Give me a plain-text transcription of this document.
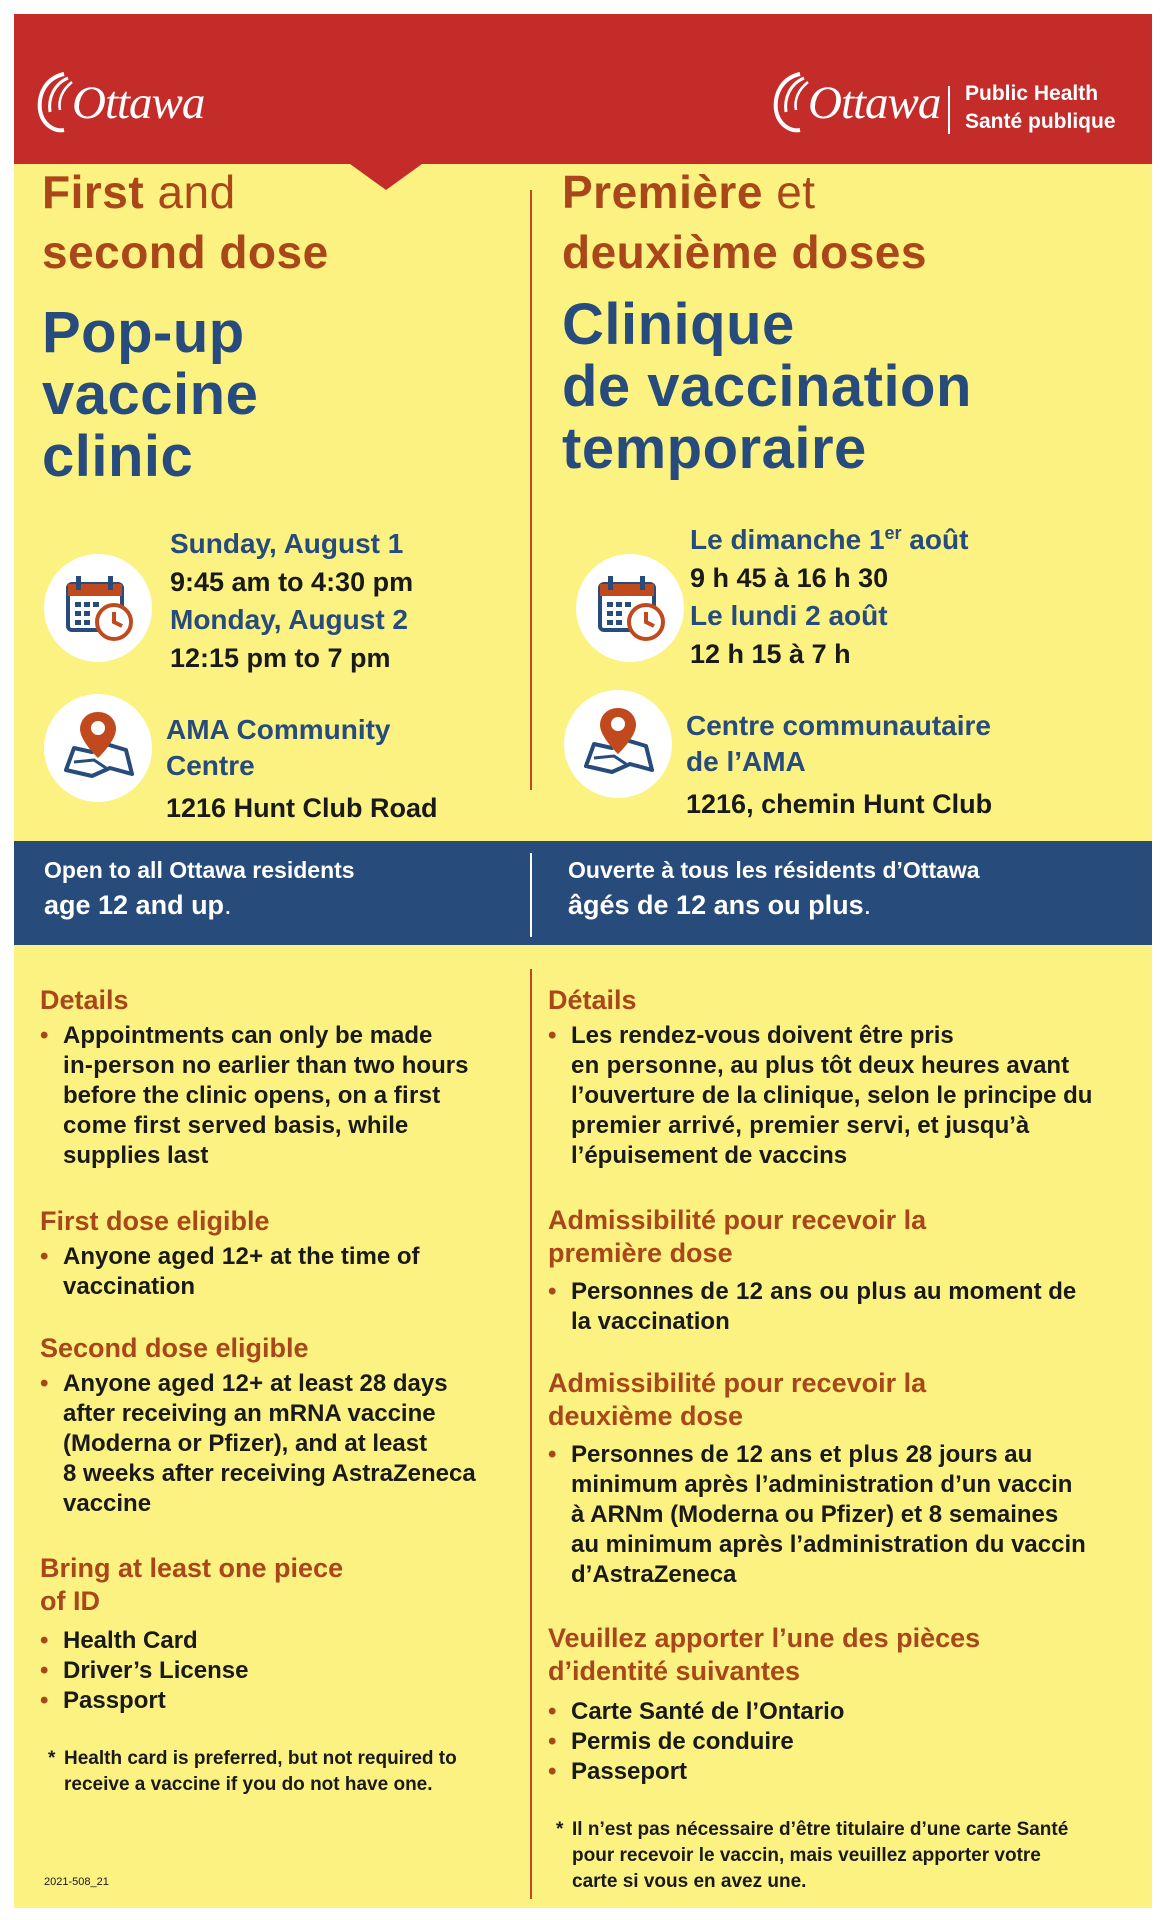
Ottawa	Ottawa Public Health
Santé publique
First and
second dose
Pop-up
vaccine
clinic
Sunday, August 1
9:45 am to 4:30 pm
Monday, August 2
12:15 pm to 7 pm
AMA Community
Centre
1216 Hunt Club Road
Première et
deuxième doses
Clinique
de vaccination
temporaire
Le dimanche 1er août
9 h 45 à 16 h 30
Le lundi 2 août
12 h 15 à 7 h
Centre communautaire
de l’AMA
1216, chemin Hunt Club
Open to all Ottawa residents
age 12 and up.
Ouverte à tous les résidents d’Ottawa
âgés de 12 ans ou plus.
Details
• Appointments can only be made
in-person no earlier than two hours
before the clinic opens, on a first
come first served basis, while
supplies last
First dose eligible
• Anyone aged 12+ at the time of
vaccination
Second dose eligible
• Anyone aged 12+ at least 28 days
after receiving an mRNA vaccine
(Moderna or Pfizer), and at least
8 weeks after receiving AstraZeneca
vaccine
Bring at least one piece
of ID
• Health Card
• Driver’s License
• Passport
* Health card is preferred, but not required to
receive a vaccine if you do not have one.
Détails
• Les rendez-vous doivent être pris
en personne, au plus tôt deux heures avant
l’ouverture de la clinique, selon le principe du
premier arrivé, premier servi, et jusqu’à
l’épuisement de vaccins
Admissibilité pour recevoir la
première dose
• Personnes de 12 ans ou plus au moment de
la vaccination
Admissibilité pour recevoir la
deuxième dose
• Personnes de 12 ans et plus 28 jours au
minimum après l’administration d’un vaccin
à ARNm (Moderna ou Pfizer) et 8 semaines
au minimum après l’administration du vaccin
d’AstraZeneca
Veuillez apporter l’une des pièces
d’identité suivantes
• Carte Santé de l’Ontario
• Permis de conduire
• Passeport
* Il n’est pas nécessaire d’être titulaire d’une carte Santé
pour recevoir le vaccin, mais veuillez apporter votre
carte si vous en avez une.
2021-508_21
